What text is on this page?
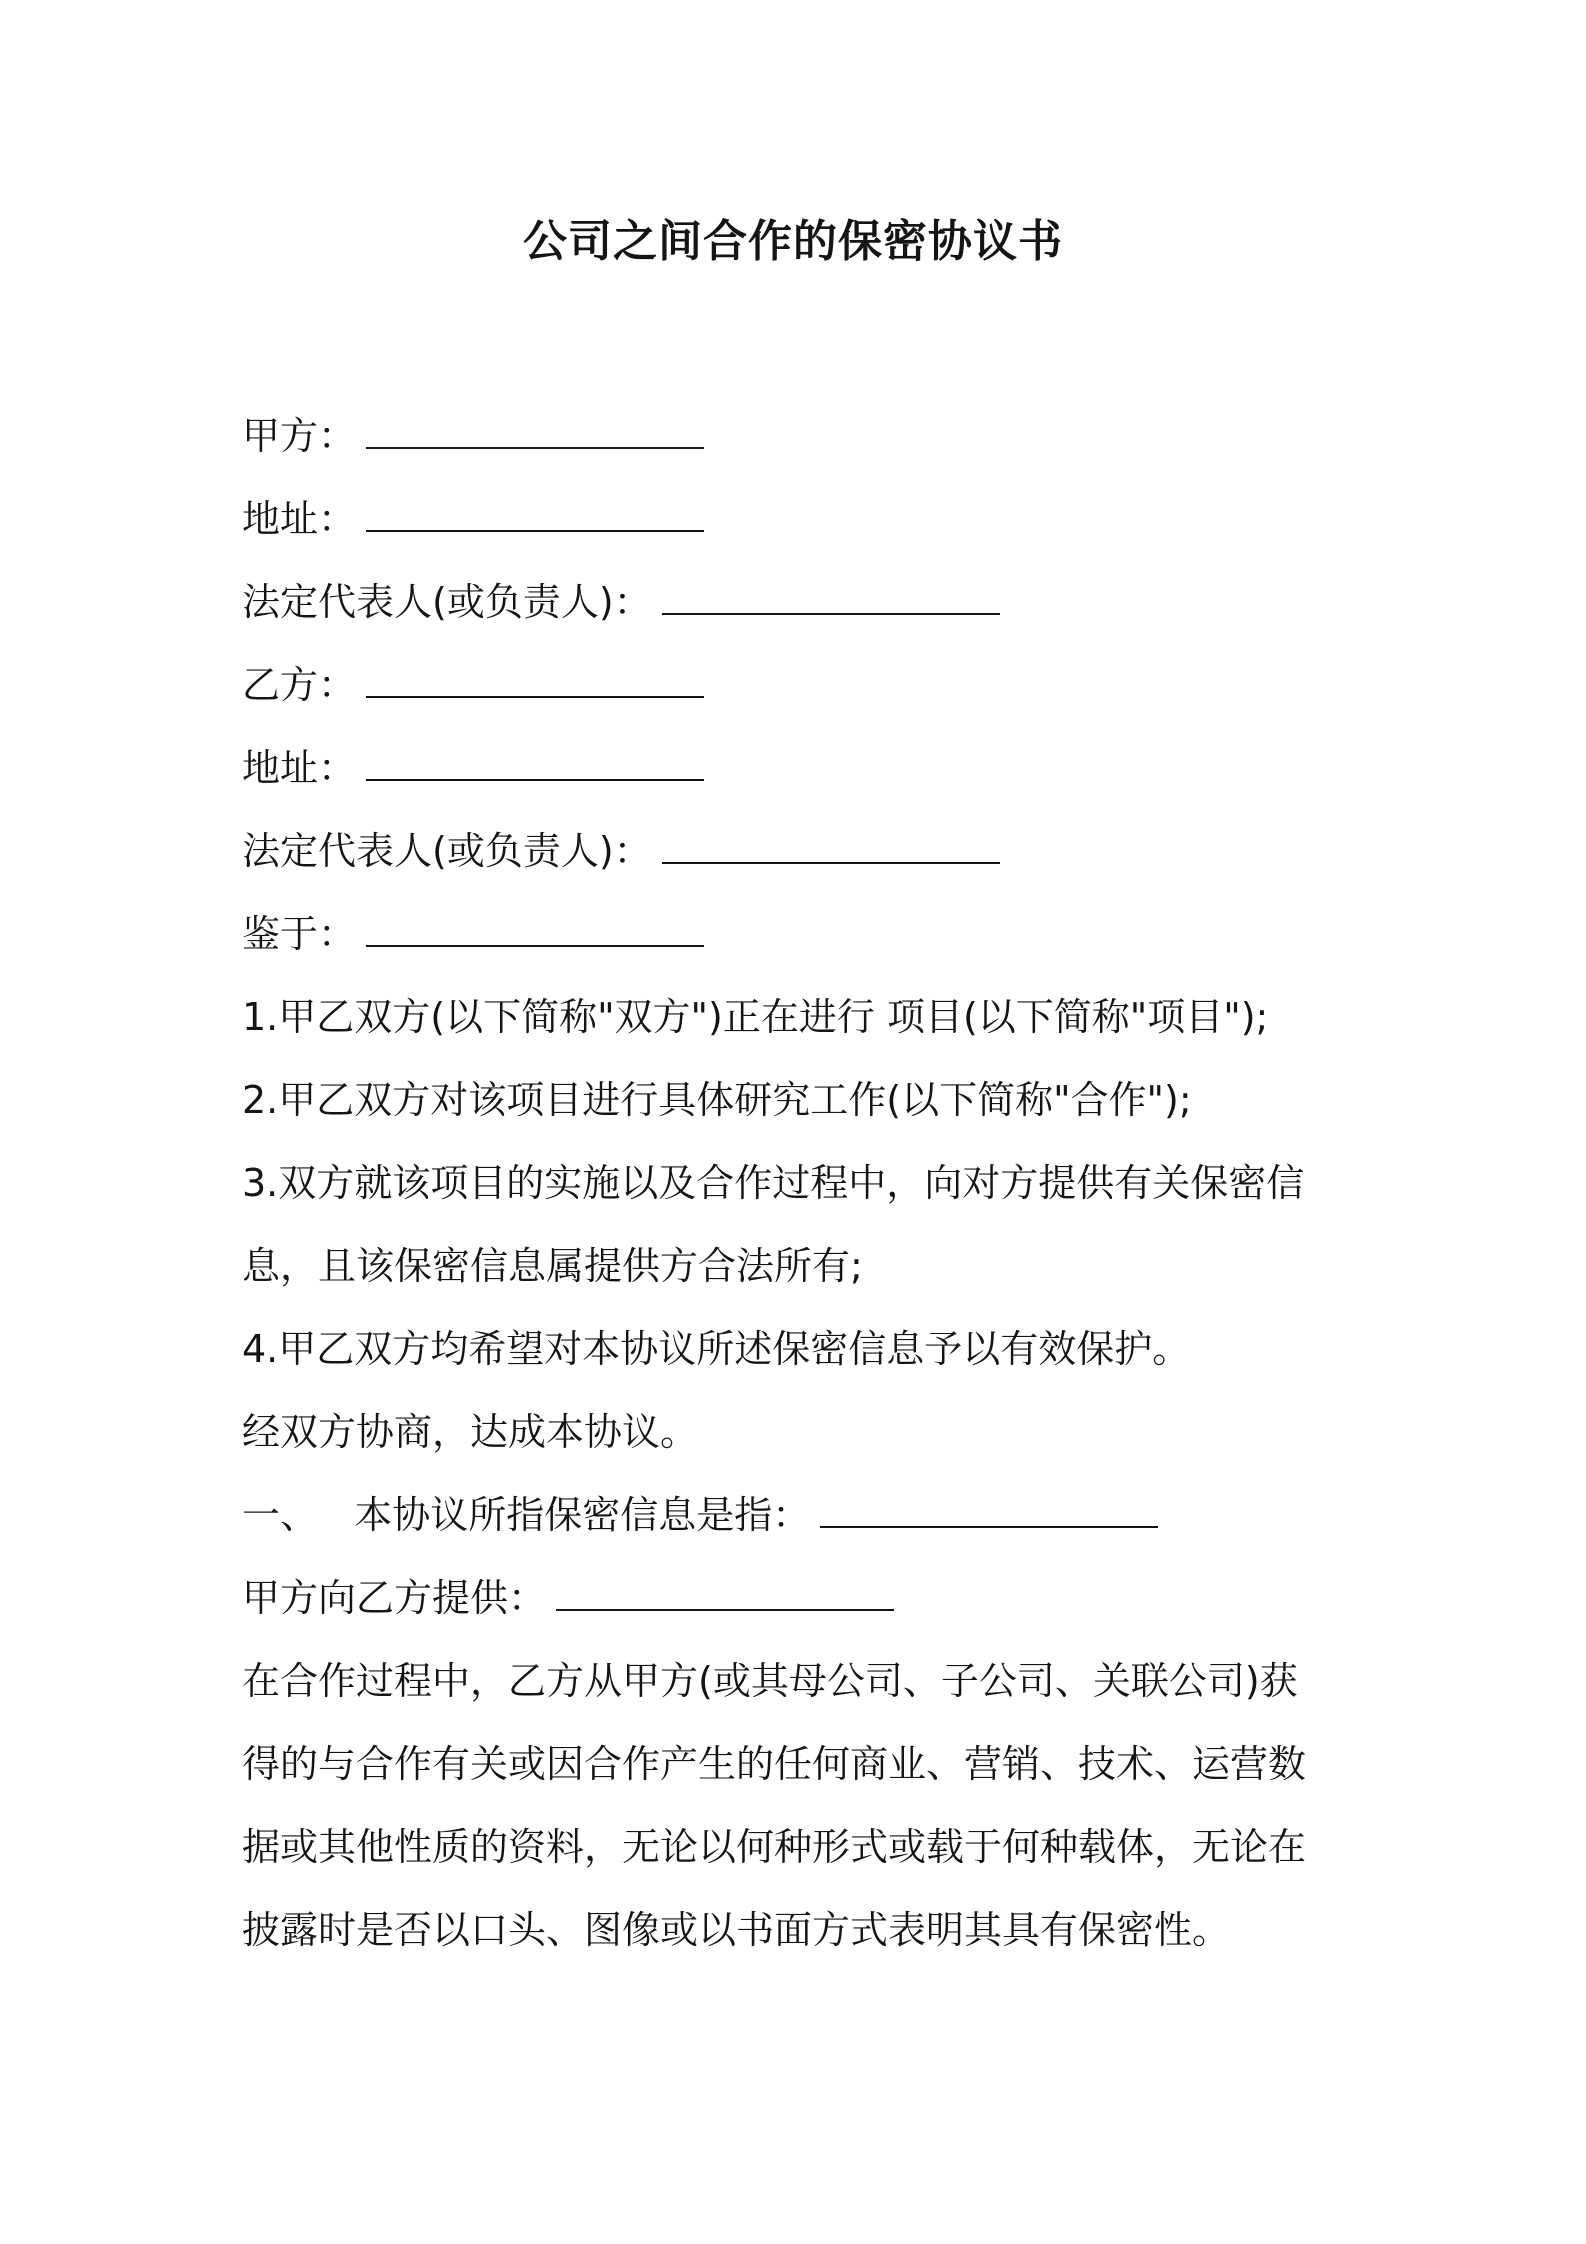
公司之间合作的保密协议书
甲方：
地址：
法定代表人(或负责人)：
乙方：
地址：
法定代表人(或负责人)：
鉴于：
1.甲乙双方(以下简称"双方")正在进行 项目(以下简称"项目");
2.甲乙双方对该项目进行具体研究工作(以下简称"合作");
3.双方就该项目的实施以及合作过程中，向对方提供有关保密信
息，且该保密信息属提供方合法所有;
4.甲乙双方均希望对本协议所述保密信息予以有效保护。
经双方协商，达成本协议。
一、   本协议所指保密信息是指：
甲方向乙方提供：
在合作过程中，乙方从甲方(或其母公司、子公司、关联公司)获
得的与合作有关或因合作产生的任何商业、营销、技术、运营数
据或其他性质的资料，无论以何种形式或载于何种载体，无论在
披露时是否以口头、图像或以书面方式表明其具有保密性。
